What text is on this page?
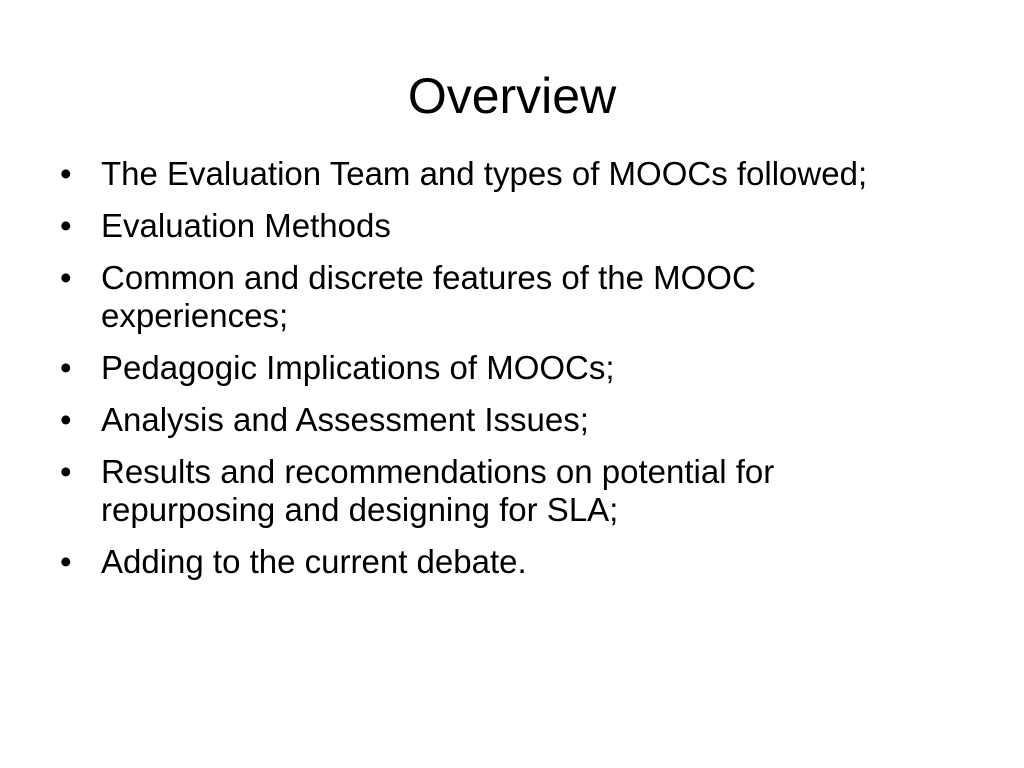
Overview
• The Evaluation Team and types of MOOCs followed;
• Evaluation Methods
• Common and discrete features of the MOOC experiences;
• Pedagogic Implications of MOOCs;
• Analysis and Assessment Issues;
• Results and recommendations on potential for repurposing and designing for SLA;
• Adding to the current debate.
